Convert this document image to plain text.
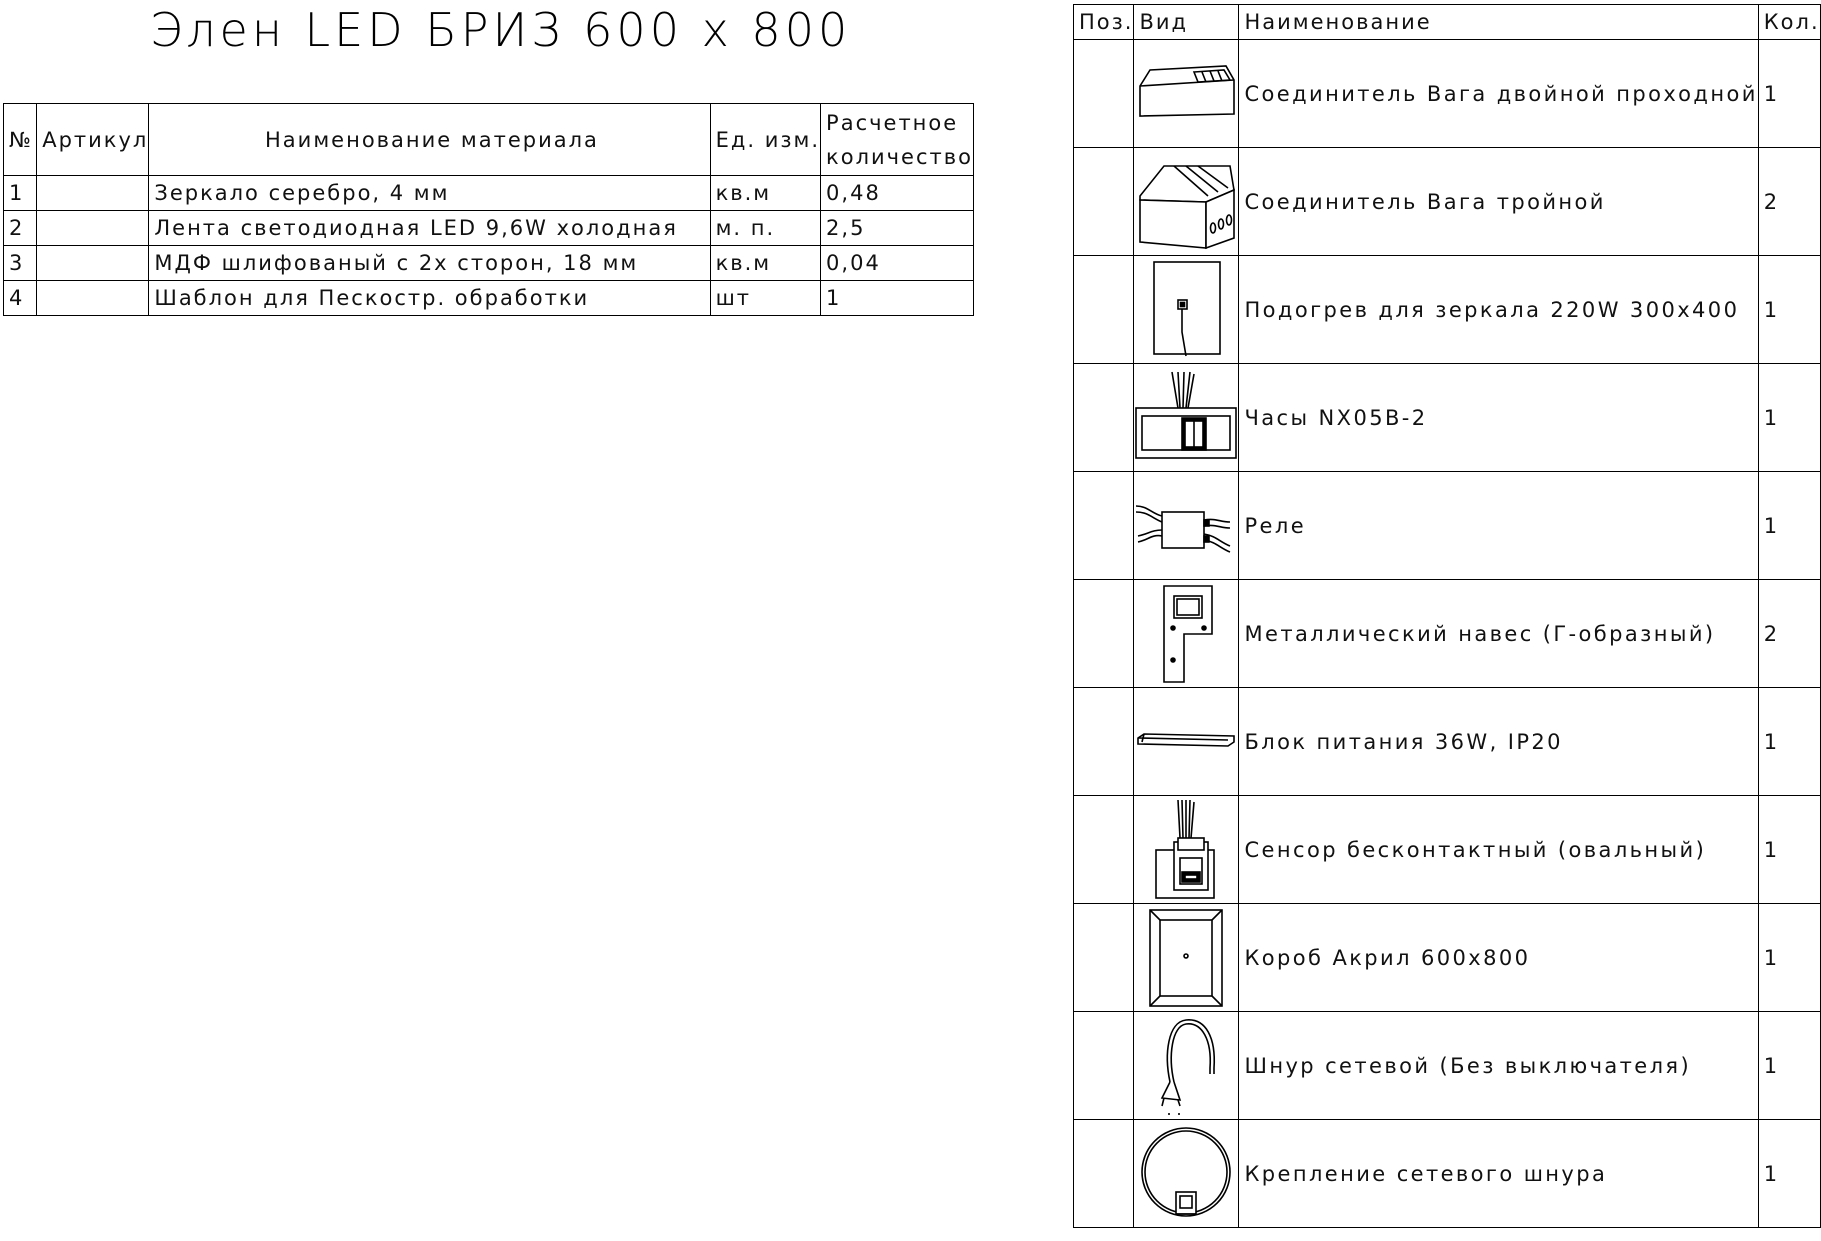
Элен LED БРИЗ 600 x 800
№	Артикул	Наименование материала	Ед. изм.	Расчетное
количество

1		Зеркало серебро, 4 мм	кв.м	0,48
2		Лента светодиодная LED 9,6W холодная	м. п.	2,5
3		МДФ шлифованый с 2х сторон, 18 мм	кв.м	0,04
4		Шаблон для Пескостр. обработки	шт	1
Поз.	Вид	Наименование	Кол.

	Соединитель Вага двойной проходной	1

	Соединитель Вага тройной	2

	Подогрев для зеркала 220W 300x400	1

	Часы NX05B-2	1

	Реле	1

	Металлический навес (Г-образный)	2

	Блок питания 36W, IP20	1

	Сенсор бесконтактный (овальный)	1

	Короб Акрил 600x800	1

	Шнур сетевой (Без выключателя)	1

	Крепление сетевого шнура	1
